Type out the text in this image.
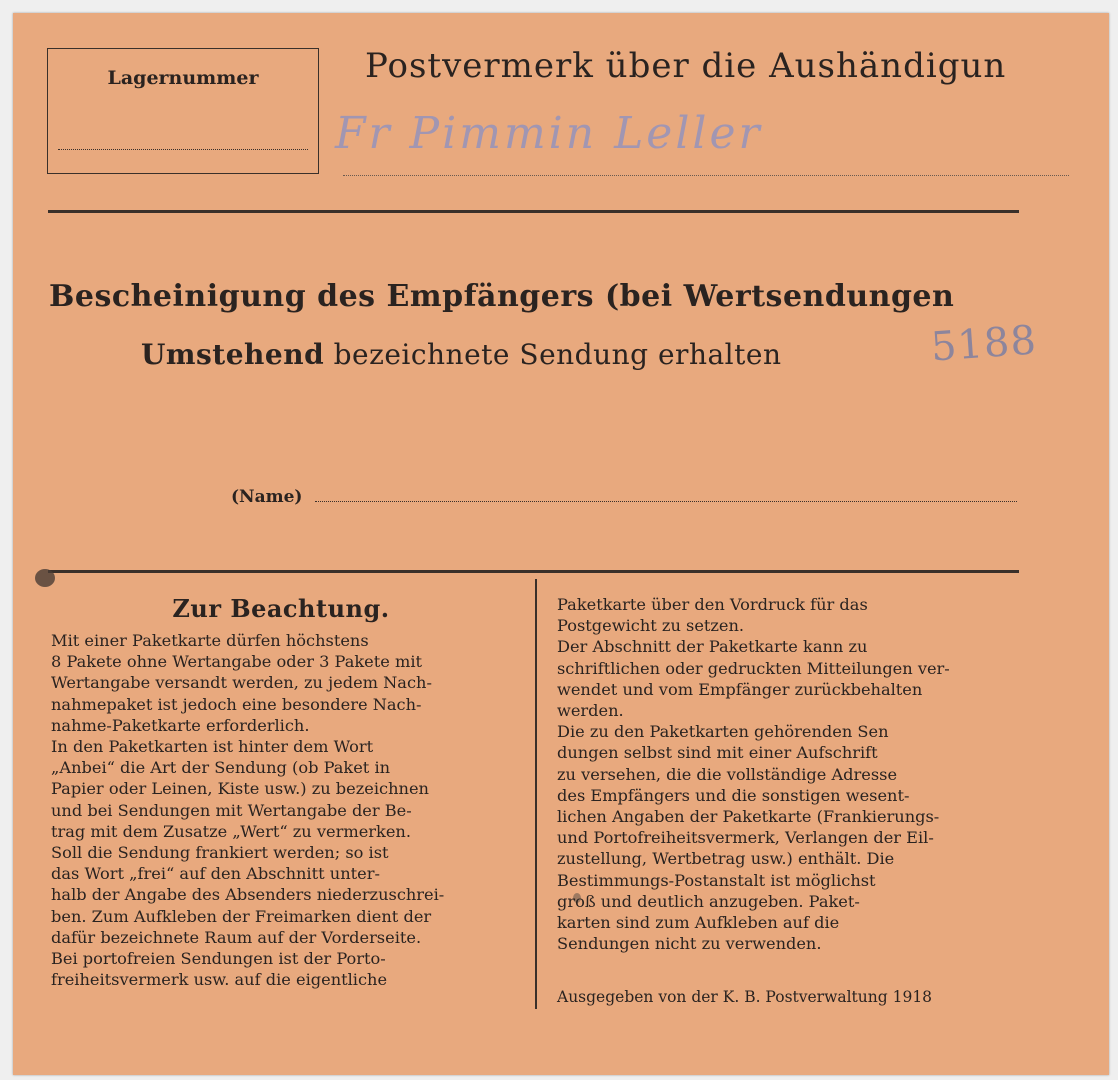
Lagernummer	Postvermerk über die Aushändigun
Fr Pimmin Leller
Bescheinigung des Empfängers (bei Wertsendungen
Umstehend bezeichnete Sendung erhalten	5188
(Name)
Zur Beachtung.

Mit einer Paketkarte dürfen höchstens

8 Pakete ohne Wertangabe oder 3 Pakete mit

Wertangabe versandt werden, zu jedem Nach-

nahmepaket ist jedoch eine besondere Nach-

nahme-Paketkarte erforderlich.

In den Paketkarten ist hinter dem Wort

„Anbei“ die Art der Sendung (ob Paket in

Papier oder Leinen, Kiste usw.) zu bezeichnen

und bei Sendungen mit Wertangabe der Be-

trag mit dem Zusatze „Wert“ zu vermerken.

Soll die Sendung frankiert werden; so ist

das Wort „frei“ auf den Abschnitt unter-

halb der Angabe des Absenders niederzuschrei-

ben. Zum Aufkleben der Freimarken dient der

dafür bezeichnete Raum auf der Vorderseite.

Bei portofreien Sendungen ist der Porto-

freiheitsvermerk usw. auf die eigentliche

Paketkarte über den Vordruck für das

Postgewicht zu setzen.

Der Abschnitt der Paketkarte kann zu

schriftlichen oder gedruckten Mitteilungen ver-

wendet und vom Empfänger zurückbehalten

werden.

Die zu den Paketkarten gehörenden Sen

dungen selbst sind mit einer Aufschrift

zu versehen, die die vollständige Adresse

des Empfängers und die sonstigen wesent-

lichen Angaben der Paketkarte (Frankierungs-

und Portofreiheitsvermerk, Verlangen der Eil-

zustellung, Wertbetrag usw.) enthält. Die

Bestimmungs-Postanstalt ist möglichst

groß und deutlich anzugeben. Paket-

karten sind zum Aufkleben auf die

Sendungen nicht zu verwenden.

Ausgegeben von der K. B. Postverwaltung 1918
